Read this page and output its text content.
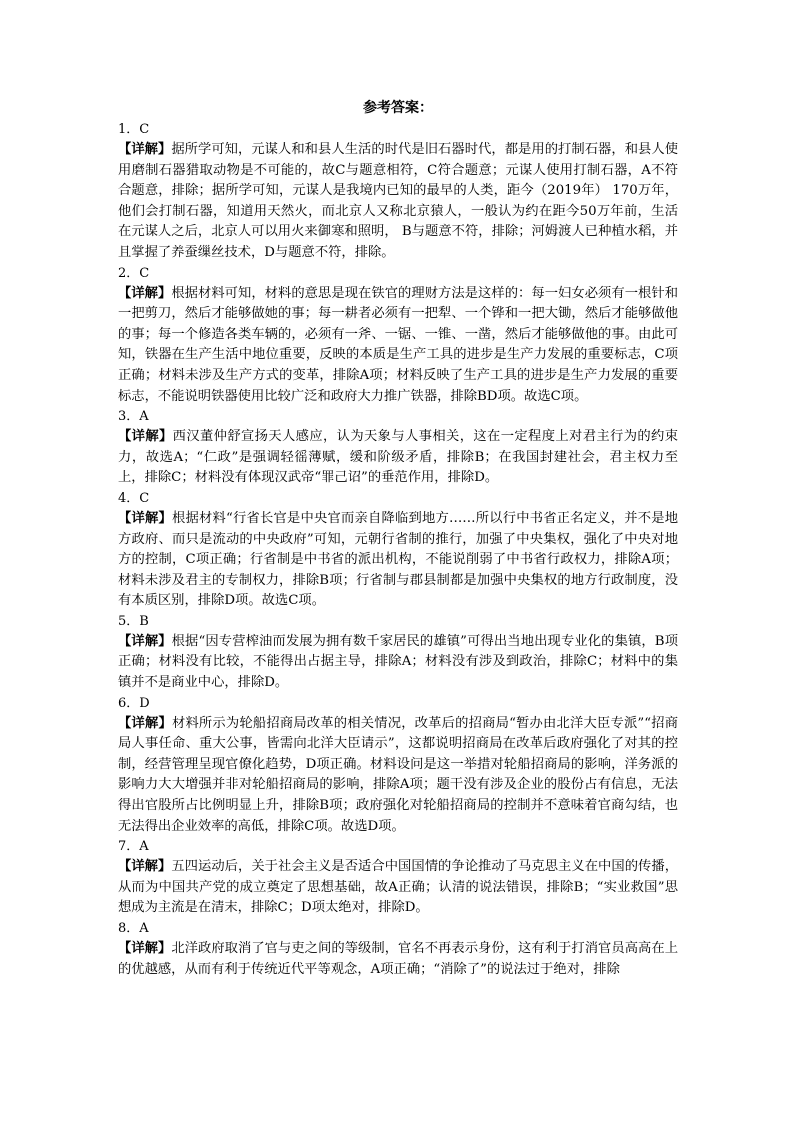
参考答案：
1．C

【详解】据所学可知，元谋人和和县人生活的时代是旧石器时代，都是用的打制石器，和县人使用磨制石器猎取动物是不可能的，故C与题意相符，C符合题意；元谋人使用打制石器，A不符合题意，排除；据所学可知，元谋人是我境内已知的最早的人类，距今（2019年） 170万年，他们会打制石器，知道用天然火，而北京人又称北京猿人，一般认为约在距今50万年前，生活在元谋人之后，北京人可以用火来御寒和照明， B与题意不符，排除；河姆渡人已种植水稻，并且掌握了养蚕缫丝技术，D与题意不符，排除。

2．C

【详解】根据材料可知，材料的意思是现在铁官的理财方法是这样的：每一妇女必须有一根针和一把剪刀，然后才能够做她的事；每一耕者必须有一把犁、一个铧和一把大锄，然后才能够做他的事；每一个修造各类车辆的，必须有一斧、一锯、一锥、一凿，然后才能够做他的事。由此可知，铁器在生产生活中地位重要，反映的本质是生产工具的进步是生产力发展的重要标志，C项正确；材料未涉及生产方式的变革，排除A项；材料反映了生产工具的进步是生产力发展的重要标志，不能说明铁器使用比较广泛和政府大力推广铁器，排除BD项。故选C项。

3．A

【详解】西汉董仲舒宣扬天人感应，认为天象与人事相关，这在一定程度上对君主行为的约束力，故选A；“仁政”是强调轻徭薄赋，缓和阶级矛盾，排除B；在我国封建社会，君主权力至上，排除C；材料没有体现汉武帝“罪己诏”的垂范作用，排除D。

4．C

【详解】根据材料“行省长官是中央官而亲自降临到地方……所以行中书省正名定义，并不是地方政府、而只是流动的中央政府”可知，元朝行省制的推行，加强了中央集权，强化了中央对地方的控制，C项正确；行省制是中书省的派出机构，不能说削弱了中书省行政权力，排除A项；材料未涉及君主的专制权力，排除B项；行省制与郡县制都是加强中央集权的地方行政制度，没有本质区别，排除D项。故选C项。

5．B

【详解】根据“因专营榨油而发展为拥有数千家居民的雄镇”可得出当地出现专业化的集镇，B项正确；材料没有比较，不能得出占据主导，排除A；材料没有涉及到政治，排除C；材料中的集镇并不是商业中心，排除D。

6．D

【详解】材料所示为轮船招商局改革的相关情况，改革后的招商局“暂办由北洋大臣专派”“招商局人事任命、重大公事，皆需向北洋大臣请示”，这都说明招商局在改革后政府强化了对其的控制，经营管理呈现官僚化趋势，D项正确。材料设问是这一举措对轮船招商局的影响，洋务派的影响力大大增强并非对轮船招商局的影响，排除A项；题干没有涉及企业的股份占有信息，无法得出官股所占比例明显上升，排除B项；政府强化对轮船招商局的控制并不意味着官商勾结，也无法得出企业效率的高低，排除C项。故选D项。

7．A

【详解】五四运动后，关于社会主义是否适合中国国情的争论推动了马克思主义在中国的传播，从而为中国共产党的成立奠定了思想基础，故A正确；认清的说法错误，排除B；“实业救国”思想成为主流是在清末，排除C；D项太绝对，排除D。

8．A

【详解】北洋政府取消了官与吏之间的等级制，官名不再表示身份，这有利于打消官员高高在上的优越感，从而有利于传统近代平等观念，A项正确；“消除了”的说法过于绝对，排除
